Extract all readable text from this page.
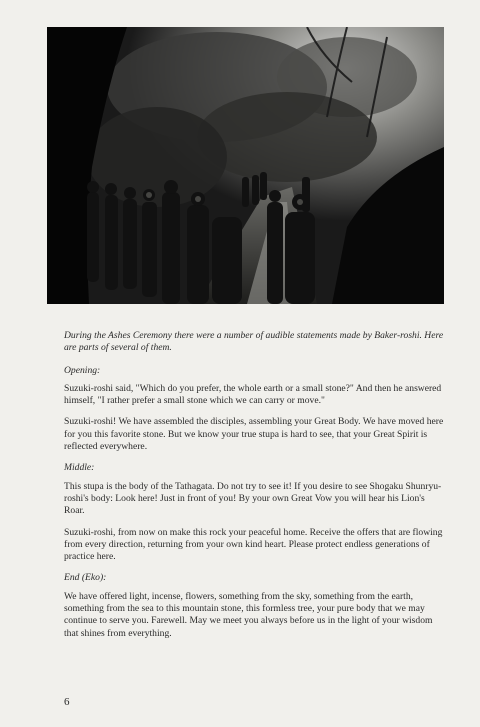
During the Ashes Ceremony there were a number of audible statements made by Baker-roshi. Here are parts of several of them.

Opening:

Suzuki-roshi said, "Which do you prefer, the whole earth or a small stone?" And then he answered himself, "I rather prefer a small stone which we can carry or move."

Suzuki-roshi! We have assembled the disciples, assembling your Great Body. We have moved here for you this favorite stone. But we know your true stupa is hard to see, that your Great Spirit is reflected everywhere.

Middle:

This stupa is the body of the Tathagata. Do not try to see it! If you desire to see Shogaku Shunryu-roshi's body: Look here! Just in front of you! By your own Great Vow you will hear his Lion's Roar.

Suzuki-roshi, from now on make this rock your peaceful home. Receive the offers that are flowing from every direction, returning from your own kind heart. Please protect endless generations of practice here.

End (Eko):

We have offered light, incense, flowers, something from the sky, something from the earth, something from the sea to this mountain stone, this formless tree, your pure body that we may continue to serve you. Farewell. May we meet you always before us in the light of your wisdom that shines from everything.

6
